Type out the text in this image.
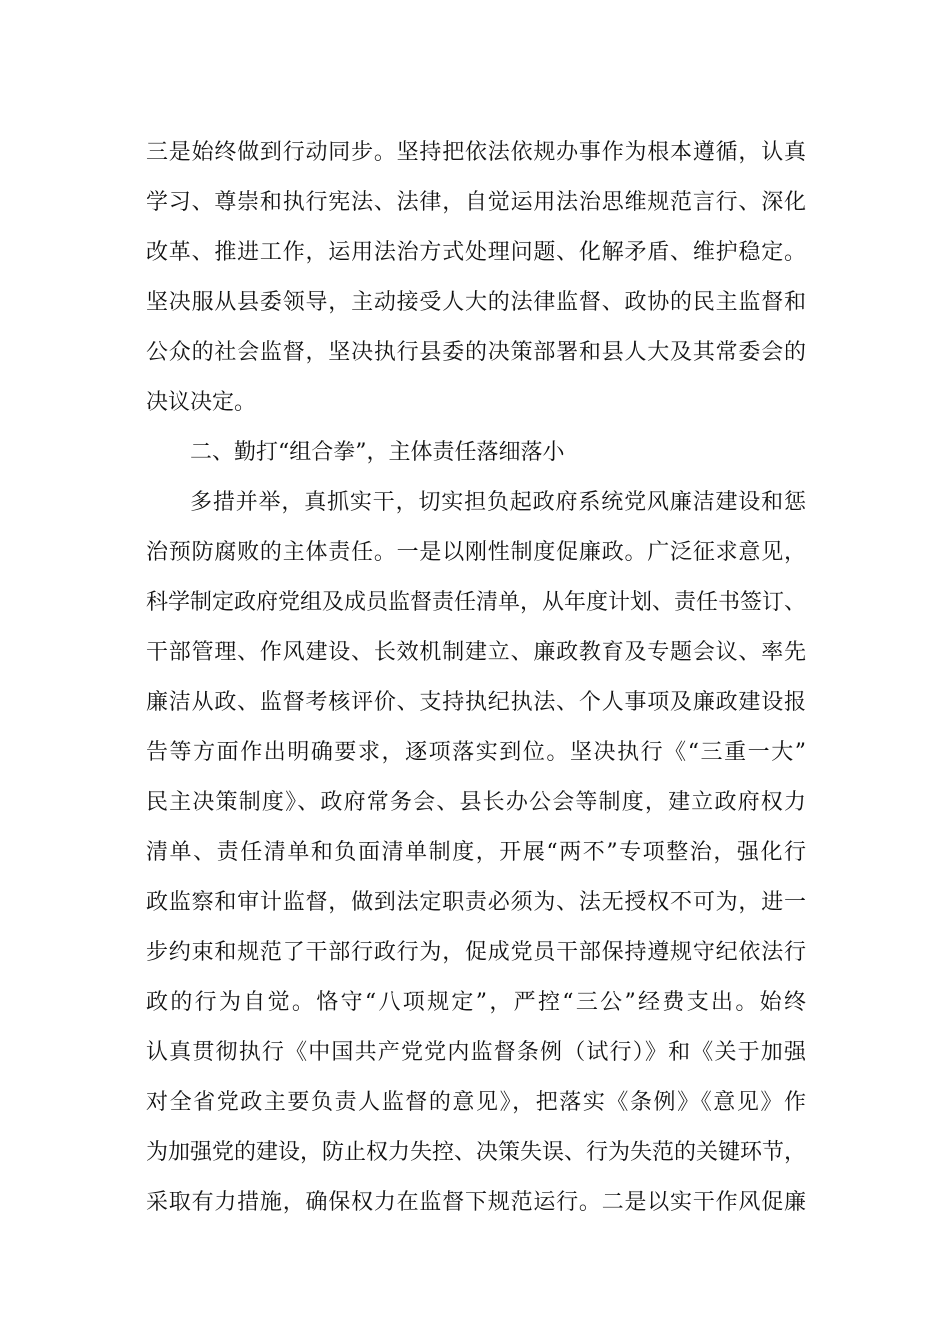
三是始终做到行动同步。坚持把依法依规办事作为根本遵循，认真
学习、尊崇和执行宪法、法律，自觉运用法治思维规范言行、深化
改革、推进工作，运用法治方式处理问题、化解矛盾、维护稳定。
坚决服从县委领导，主动接受人大的法律监督、政协的民主监督和
公众的社会监督，坚决执行县委的决策部署和县人大及其常委会的
决议决定。
二、勤打“组合拳”，主体责任落细落小
多措并举，真抓实干，切实担负起政府系统党风廉洁建设和惩
治预防腐败的主体责任。一是以刚性制度促廉政。广泛征求意见，
科学制定政府党组及成员监督责任清单，从年度计划、责任书签订、
干部管理、作风建设、长效机制建立、廉政教育及专题会议、率先
廉洁从政、监督考核评价、支持执纪执法、个人事项及廉政建设报
告等方面作出明确要求，逐项落实到位。坚决执行《“三重一大”
民主决策制度》、政府常务会、县长办公会等制度，建立政府权力
清单、责任清单和负面清单制度，开展“两不”专项整治，强化行
政监察和审计监督，做到法定职责必须为、法无授权不可为，进一
步约束和规范了干部行政行为，促成党员干部保持遵规守纪依法行
政的行为自觉。恪守“八项规定”，严控“三公”经费支出。始终
认真贯彻执行《中国共产党党内监督条例（试行）》和《关于加强
对全省党政主要负责人监督的意见》，把落实《条例》《意见》作
为加强党的建设，防止权力失控、决策失误、行为失范的关键环节，
采取有力措施，确保权力在监督下规范运行。二是以实干作风促廉
